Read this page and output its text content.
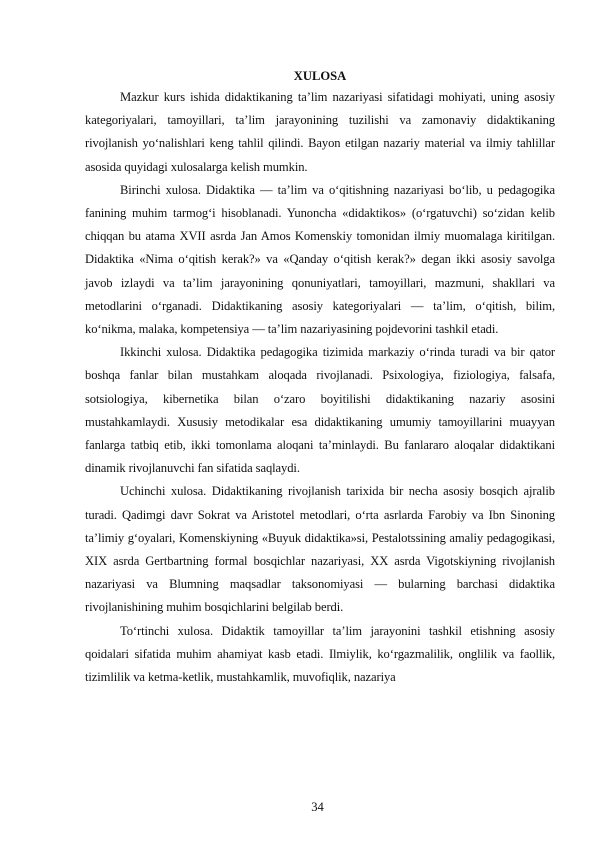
XULOSA

Mazkur kurs ishida didaktikaning ta’lim nazariyasi sifatidagi mohiyati, uning asosiy kategoriyalari, tamoyillari, ta’lim jarayonining tuzilishi va zamonaviy didaktikaning rivojlanish yo‘nalishlari keng tahlil qilindi. Bayon etilgan nazariy material va ilmiy tahlillar asosida quyidagi xulosalarga kelish mumkin.

Birinchi xulosa. Didaktika — ta’lim va o‘qitishning nazariyasi bo‘lib, u pedagogika fanining muhim tarmog‘i hisoblanadi. Yunoncha «didaktikos» (o‘rgatuvchi) so‘zidan kelib chiqqan bu atama XVII asrda Jan Amos Komenskiy tomonidan ilmiy muomalaga kiritilgan. Didaktika «Nima o‘qitish kerak?» va «Qanday o‘qitish kerak?» degan ikki asosiy savolga javob izlaydi va ta’lim jarayonining qonuniyatlari, tamoyillari, mazmuni, shakllari va metodlarini o‘rganadi. Didaktikaning asosiy kategoriyalari — ta’lim, o‘qitish, bilim, ko‘nikma, malaka, kompetensiya — ta’lim nazariyasining pojdevorini tashkil etadi.

Ikkinchi xulosa. Didaktika pedagogika tizimida markaziy o‘rinda turadi va bir qator boshqa fanlar bilan mustahkam aloqada rivojlanadi. Psixologiya, fiziologiya, falsafa, sotsiologiya, kibernetika bilan o‘zaro boyitilishi didaktikaning nazariy asosini mustahkamlaydi. Xususiy metodikalar esa didaktikaning umumiy tamoyillarini muayyan fanlarga tatbiq etib, ikki tomonlama aloqani ta’minlaydi. Bu fanlararo aloqalar didaktikani dinamik rivojlanuvchi fan sifatida saqlaydi.

Uchinchi xulosa. Didaktikaning rivojlanish tarixida bir necha asosiy bosqich ajralib turadi. Qadimgi davr Sokrat va Aristotel metodlari, o‘rta asrlarda Farobiy va Ibn Sinoning ta’limiy g‘oyalari, Komenskiyning «Buyuk didaktika»si, Pestalotssining amaliy pedagogikasi, XIX asrda Gertbartning formal bosqichlar nazariyasi, XX asrda Vigotskiyning rivojlanish nazariyasi va Blumning maqsadlar taksonomiyasi — bularning barchasi didaktika rivojlanishining muhim bosqichlarini belgilab berdi.

To‘rtinchi xulosa. Didaktik tamoyillar ta’lim jarayonini tashkil etishning asosiy qoidalari sifatida muhim ahamiyat kasb etadi. Ilmiylik, ko‘rgazmalilik, onglilik va faollik, tizimlilik va ketma-ketlik, mustahkamlik, muvofiqlik, nazariya

34
